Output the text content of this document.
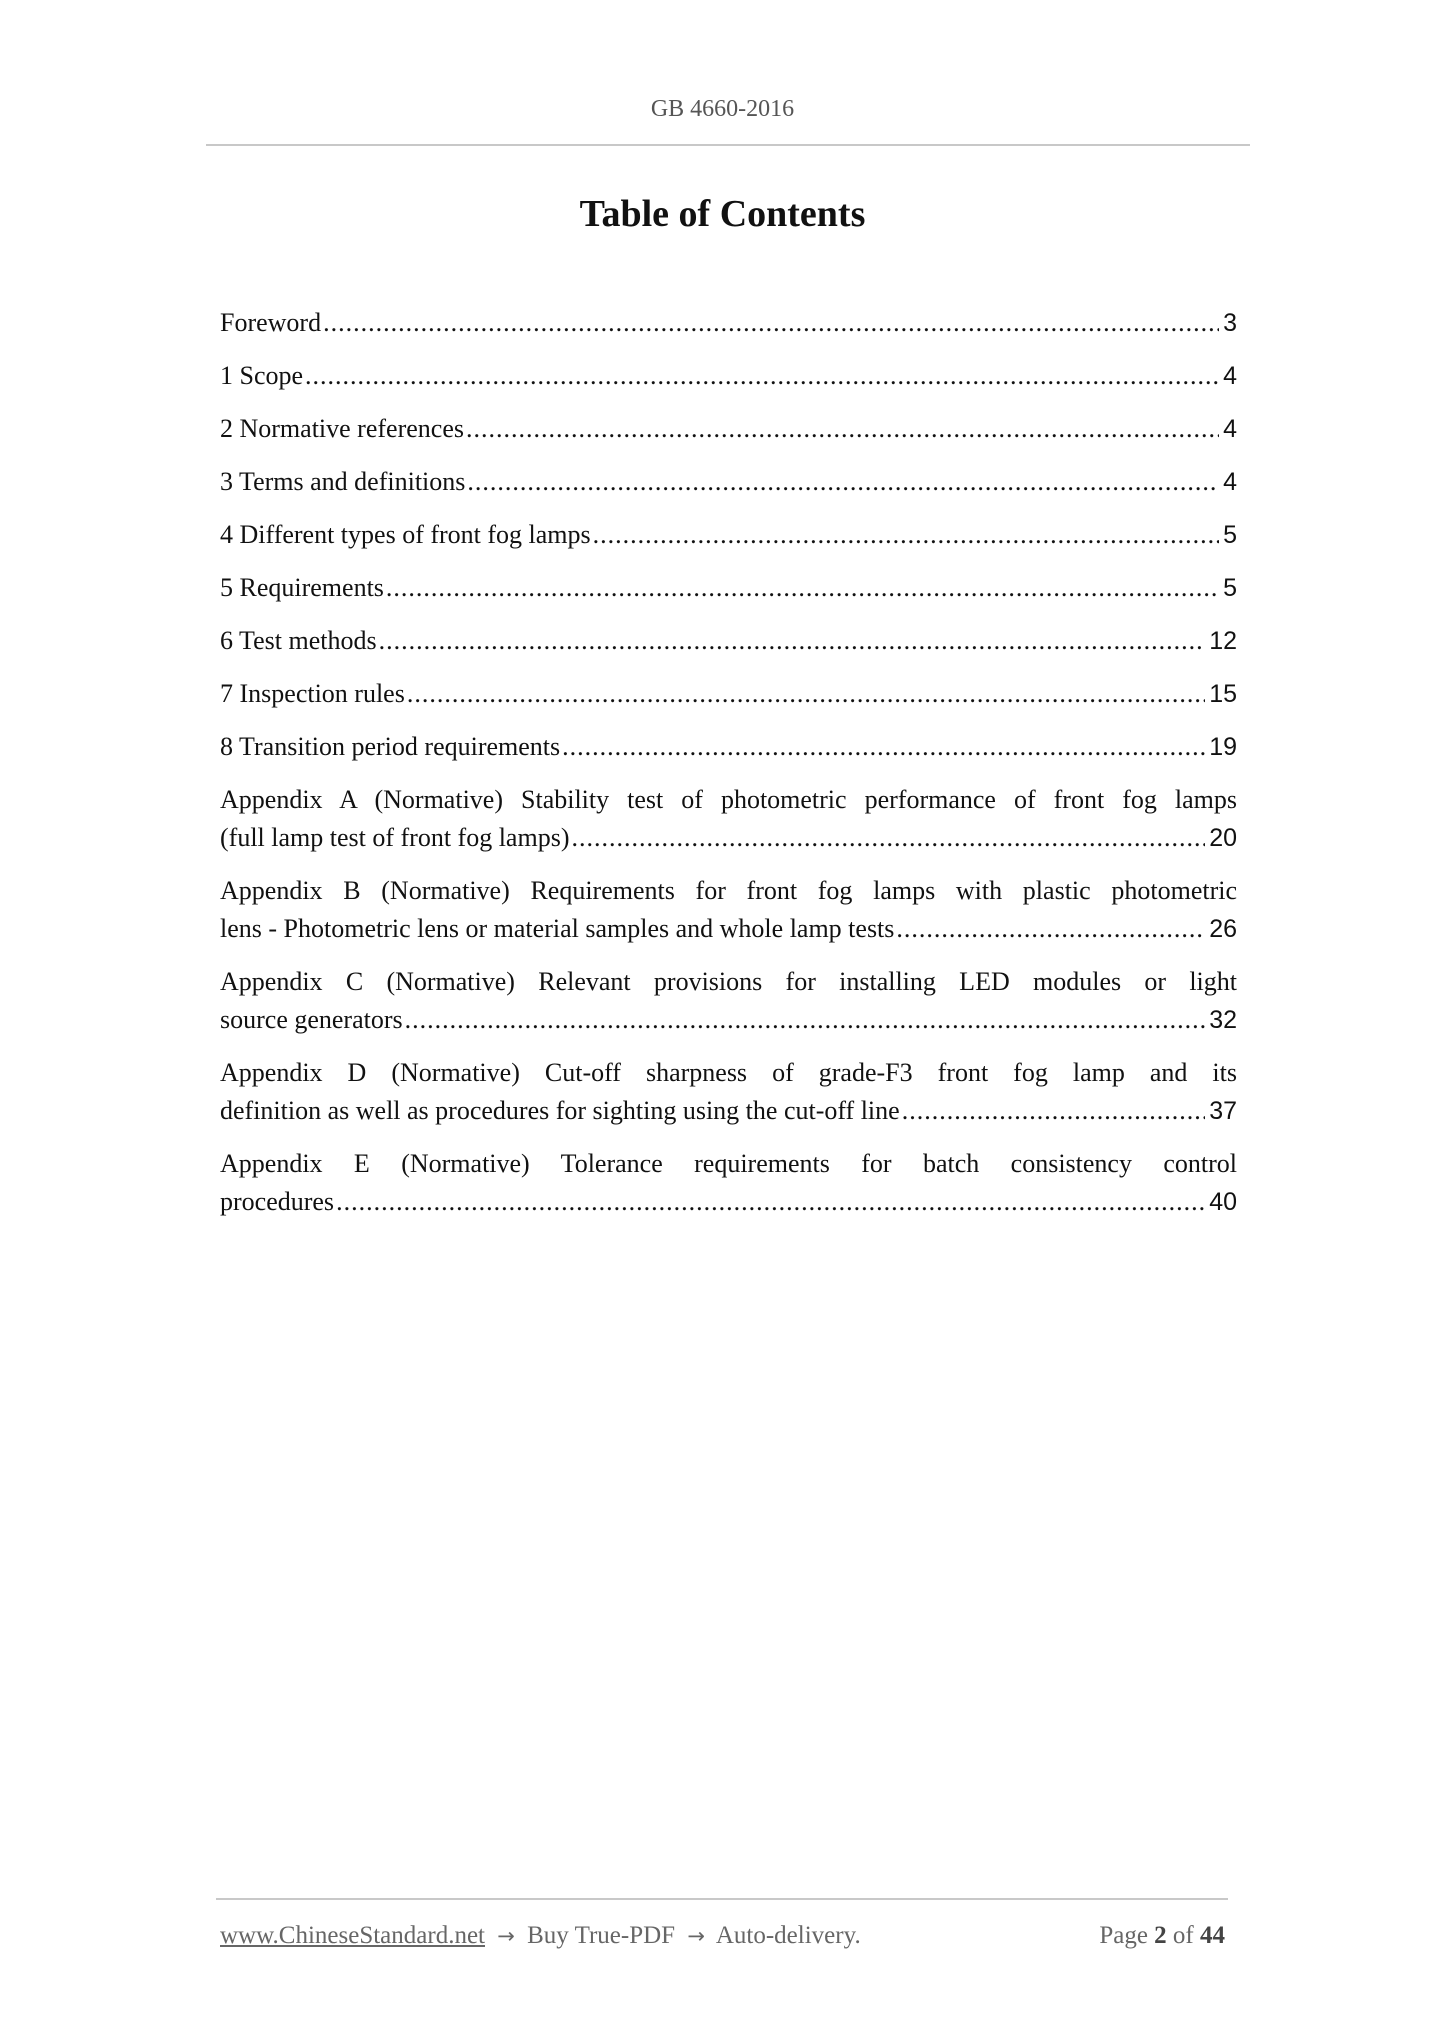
GB 4660-2016
Table of Contents
Foreword .....	3
1 Scope .....	4
2 Normative references .....	4
3 Terms and definitions .....	4
4 Different types of front fog lamps .....	5
5 Requirements .....	5
6 Test methods .....	12
7 Inspection rules .....	15
8 Transition period requirements .....	19
Appendix A (Normative) Stability test of photometric performance of front fog lamps
(full lamp test of front fog lamps) .....	20
Appendix B (Normative) Requirements for front fog lamps with plastic photometric
lens - Photometric lens or material samples and whole lamp tests .....	26
Appendix C (Normative) Relevant provisions for installing LED modules or light
source generators .....	32
Appendix D (Normative) Cut-off sharpness of grade-F3 front fog lamp and its
definition as well as procedures for sighting using the cut-off line .....	37
Appendix E (Normative) Tolerance requirements for batch consistency control
procedures .....	40
www.ChineseStandard.net → Buy True-PDF → Auto-delivery.	Page 2 of 44
